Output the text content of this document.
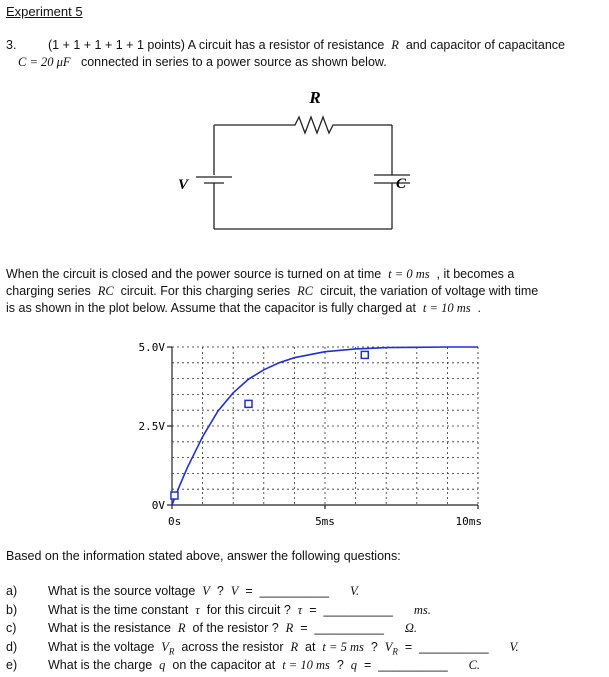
Experiment 5
3.	(1 + 1 + 1 + 1 + 1 points) A circuit has a resistor of resistance R and capacitor of capacitance
C = 20 μF connected in series to a power source as shown below.
R
V	C
When the circuit is closed and the power source is turned on at time t = 0 ms , it becomes a
charging series RC circuit. For this charging series RC circuit, the variation of voltage with time
is as shown in the plot below. Assume that the capacitor is fully charged at t = 10 ms .
0V
2.5V
5.0V
0s	5ms	10ms
Based on the information stated above, answer the following questions:
a) What is the source voltage V ? V = __________ V.
b) What is the time constant τ for this circuit ? τ = __________ ms.
c)	What is the resistance R of the resistor ? R = __________ Ω.
d) What is the voltage $V_R$ across the resistor R at t = 5 ms ? $V_R$ = __________ V.
e) What is the charge q on the capacitor at t = 10 ms ? q = __________ C.
